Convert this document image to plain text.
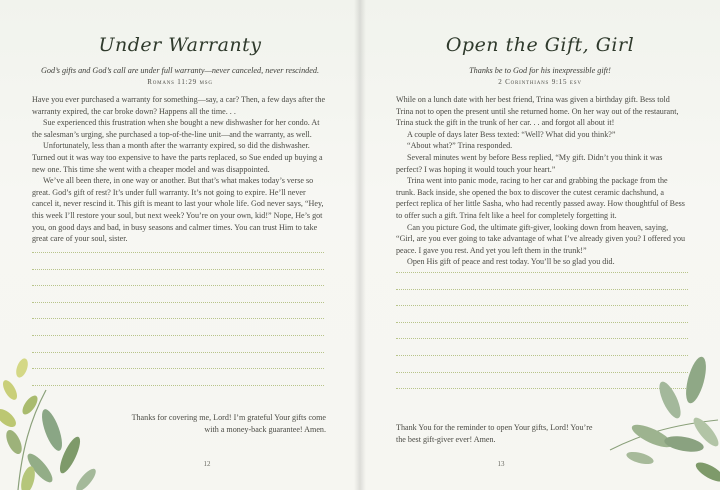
Under Warranty
God’s gifts and God’s call are under full warranty—never canceled, never rescinded.
Romans 11:29 msg

Have you ever purchased a warranty for something—say, a car? Then, a few days after the warranty expired, the car broke down? Happens all the time. . .

Sue experienced this frustration when she bought a new dishwasher for her condo. At the salesman’s urging, she purchased a top-of-the-line unit—and the warranty, as well.

Unfortunately, less than a month after the warranty expired, so did the dishwasher. Turned out it was way too expensive to have the parts replaced, so Sue ended up buying a new one. This time she went with a cheaper model and was disappointed.

We’ve all been there, in one way or another. But that’s what makes today’s verse so great. God’s gift of rest? It’s under full warranty. It’s not going to expire. He’ll never cancel it, never rescind it. This gift is meant to last your whole life. God never says, “Hey, this week I’ll restore your soul, but next week? You’re on your own, kid!” Nope, He’s got you, on good days and bad, in busy seasons and calmer times. You can trust Him to take great care of your soul, sister.

Thanks for covering me, Lord! I’m grateful Your gifts come with a money-back guarantee! Amen.
12
Open the Gift, Girl
Thanks be to God for his inexpressible gift!
2 Corinthians 9:15 esv

While on a lunch date with her best friend, Trina was given a birthday gift. Bess told Trina not to open the present until she returned home. On her way out of the restaurant, Trina stuck the gift in the trunk of her car. . . and forgot all about it!

A couple of days later Bess texted: “Well? What did you think?”

“About what?” Trina responded.

Several minutes went by before Bess replied, “My gift. Didn’t you think it was perfect? I was hoping it would touch your heart.”

Trina went into panic mode, racing to her car and grabbing the package from the trunk. Back inside, she opened the box to discover the cutest ceramic dachshund, a perfect replica of her little Sasha, who had recently passed away. How thoughtful of Bess to offer such a gift. Trina felt like a heel for completely forgetting it.

Can you picture God, the ultimate gift-giver, looking down from heaven, saying, “Girl, are you ever going to take advantage of what I’ve already given you? I offered you peace. I gave you rest. And yet you left them in the trunk!”

Open His gift of peace and rest today. You’ll be so glad you did.

Thank You for the reminder to open Your gifts, Lord! You’re the best gift-giver ever! Amen.
13
